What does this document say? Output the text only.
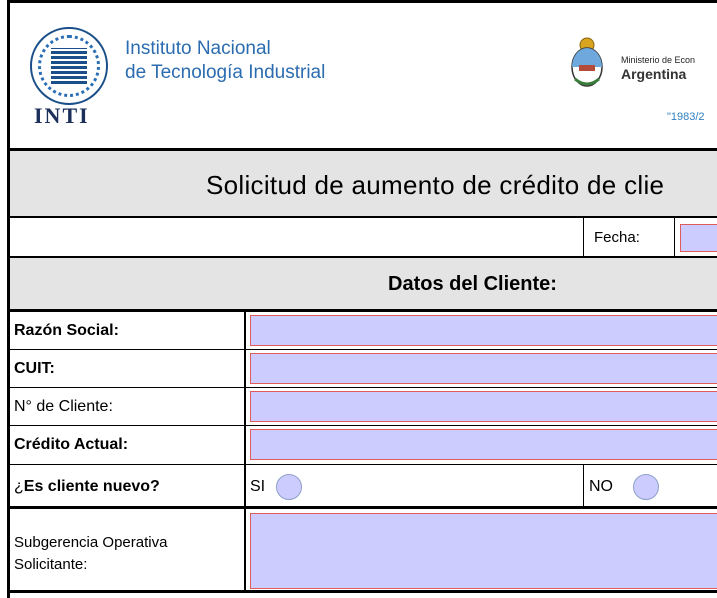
INTI
Instituto Nacional
de Tecnología Industrial
Ministerio de Econ
Argentina
"1983/2
Solicitud de aumento de crédito de clie
Fecha:
Datos del Cliente:
Razón Social:
CUIT:
N° de Cliente:
Crédito Actual:
¿Es cliente nuevo?	SI	NO
Subgerencia Operativa
Solicitante:
